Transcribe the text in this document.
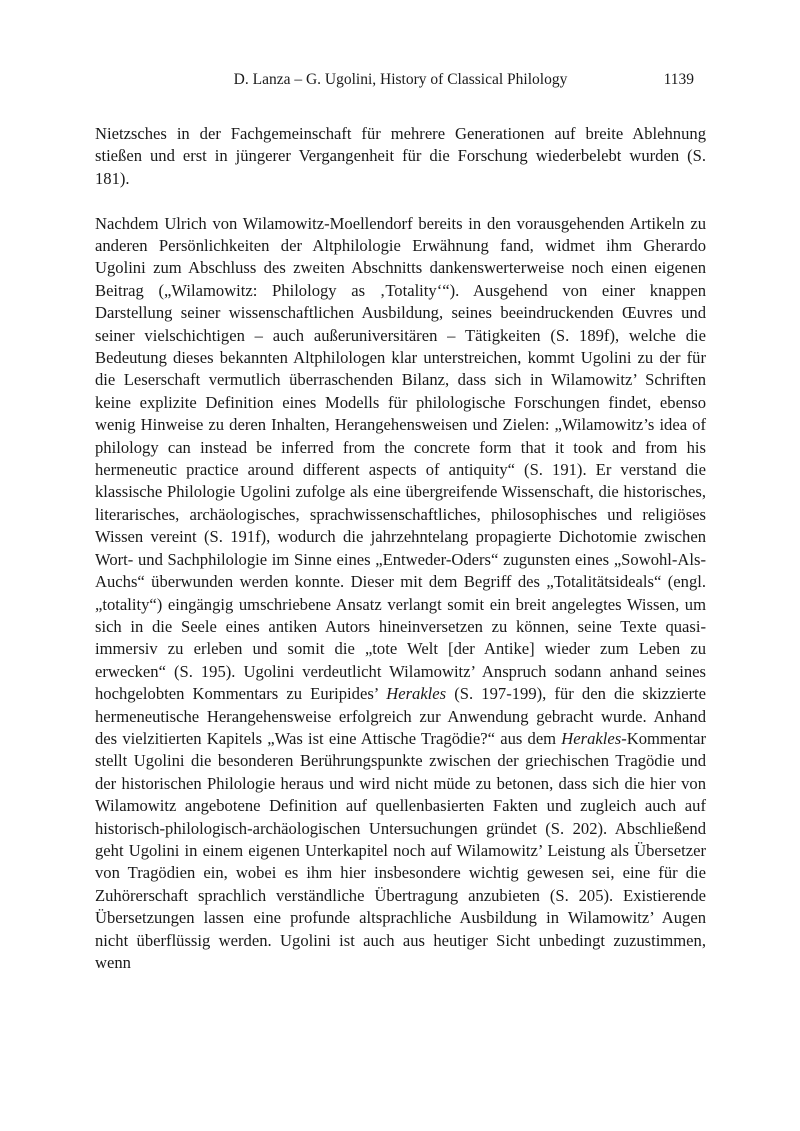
D. Lanza – G. Ugolini, History of Classical Philology	1139

Nietzsches in der Fachgemeinschaft für mehrere Generationen auf breite Ablehnung stießen und erst in jüngerer Vergangenheit für die Forschung wiederbelebt wurden (S. 181).

Nachdem Ulrich von Wilamowitz-Moellendorf bereits in den vorausgehenden Artikeln zu anderen Persönlichkeiten der Altphilologie Erwähnung fand, widmet ihm Gherardo Ugolini zum Abschluss des zweiten Abschnitts dankenswerterweise noch einen eigenen Beitrag („Wilamowitz: Philology as ‚Totality‘“). Ausgehend von einer knappen Darstellung seiner wissenschaftlichen Ausbildung, seines beeindruckenden Œuvres und seiner vielschichtigen – auch außeruniversitären – Tätigkeiten (S. 189f), welche die Bedeutung dieses bekannten Altphilologen klar unterstreichen, kommt Ugolini zu der für die Leserschaft vermutlich überraschenden Bilanz, dass sich in Wilamowitz’ Schriften keine explizite Definition eines Modells für philologische Forschungen findet, ebenso wenig Hinweise zu deren Inhalten, Herangehensweisen und Zielen: „Wilamowitz’s idea of philology can instead be inferred from the concrete form that it took and from his hermeneutic practice around different aspects of antiquity“ (S. 191). Er verstand die klassische Philologie Ugolini zufolge als eine übergreifende Wissenschaft, die historisches, literarisches, archäologisches, sprachwissenschaftliches, philosophisches und religiöses Wissen vereint (S. 191f), wodurch die jahrzehntelang propagierte Dichotomie zwischen Wort- und Sachphilologie im Sinne eines „Entweder-Oders“ zugunsten eines „Sowohl-Als-Auchs“ überwunden werden konnte. Dieser mit dem Begriff des „Totalitätsideals“ (engl. „totality“) eingängig umschriebene Ansatz verlangt somit ein breit angelegtes Wissen, um sich in die Seele eines antiken Autors hineinversetzen zu können, seine Texte quasi-immersiv zu erleben und somit die „tote Welt [der Antike] wieder zum Leben zu erwecken“ (S. 195). Ugolini verdeutlicht Wilamowitz’ Anspruch sodann anhand seines hochgelobten Kommentars zu Euripides’ Herakles (S. 197-199), für den die skizzierte hermeneutische Herangehensweise erfolgreich zur Anwendung gebracht wurde. Anhand des vielzitierten Kapitels „Was ist eine Attische Tragödie?“ aus dem Herakles-Kommentar stellt Ugolini die besonderen Berührungspunkte zwischen der griechischen Tragödie und der historischen Philologie heraus und wird nicht müde zu betonen, dass sich die hier von Wilamowitz angebotene Definition auf quellenbasierten Fakten und zugleich auch auf historisch-philologisch-archäologischen Untersuchungen gründet (S. 202). Abschließend geht Ugolini in einem eigenen Unterkapitel noch auf Wilamowitz’ Leistung als Übersetzer von Tragödien ein, wobei es ihm hier insbesondere wichtig gewesen sei, eine für die Zuhörerschaft sprachlich verständliche Übertragung anzubieten (S. 205). Existierende Übersetzungen lassen eine profunde altsprachliche Ausbildung in Wilamowitz’ Augen nicht überflüssig werden. Ugolini ist auch aus heutiger Sicht unbedingt zuzustimmen, wenn
